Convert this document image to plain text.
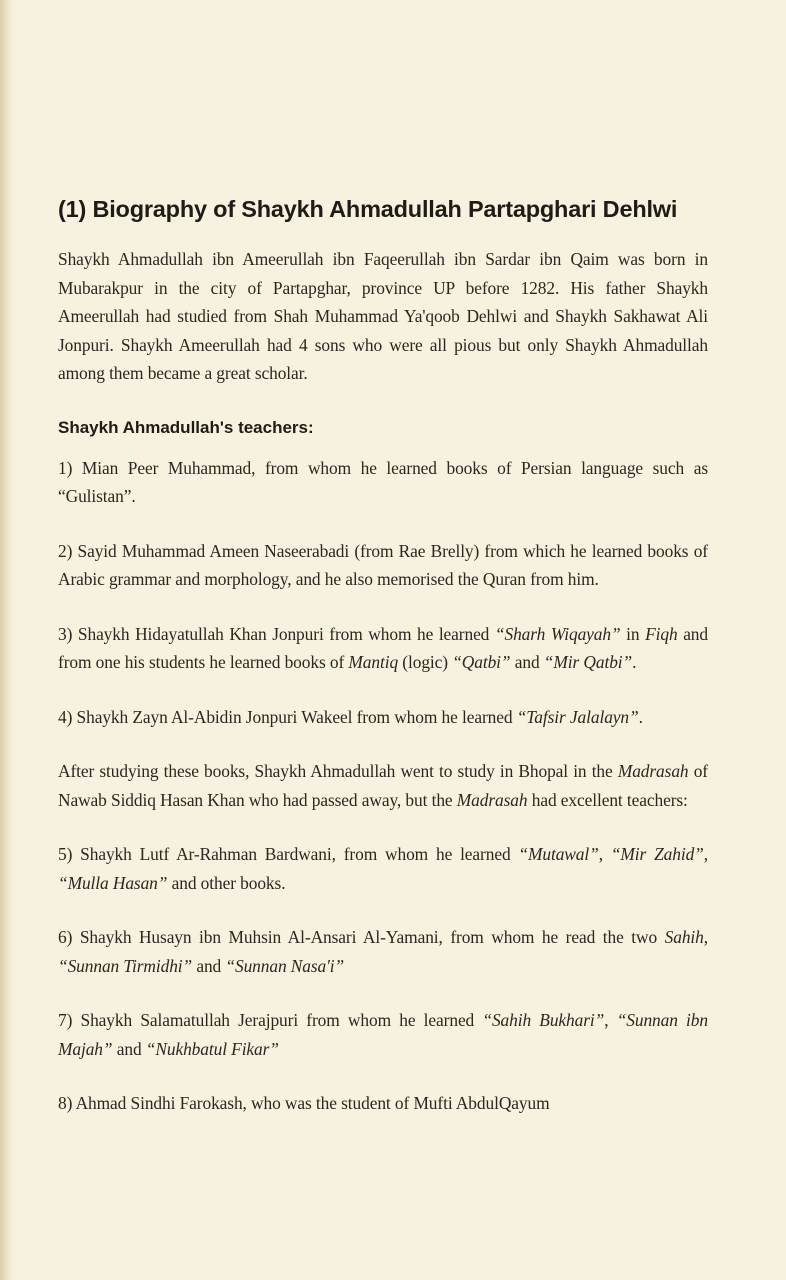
(1) Biography of Shaykh Ahmadullah Partapghari Dehlwi

Shaykh Ahmadullah ibn Ameerullah ibn Faqeerullah ibn Sardar ibn Qaim was born in Mubarakpur in the city of Partapghar, province UP before 1282. His father Shaykh Ameerullah had studied from Shah Muhammad Ya'qoob Dehlwi and Shaykh Sakhawat Ali Jonpuri. Shaykh Ameerullah had 4 sons who were all pious but only Shaykh Ahmadullah among them became a great scholar.

Shaykh Ahmadullah's teachers:

1) Mian Peer Muhammad, from whom he learned books of Persian language such as “Gulistan”.

2) Sayid Muhammad Ameen Naseerabadi (from Rae Brelly) from which he learned books of Arabic grammar and morphology, and he also memorised the Quran from him.

3) Shaykh Hidayatullah Khan Jonpuri from whom he learned “Sharh Wiqayah” in Fiqh and from one his students he learned books of Mantiq (logic) “Qatbi” and “Mir Qatbi”.

4) Shaykh Zayn Al-Abidin Jonpuri Wakeel from whom he learned “Tafsir Jalalayn”.

After studying these books, Shaykh Ahmadullah went to study in Bhopal in the Madrasah of Nawab Siddiq Hasan Khan who had passed away, but the Madrasah had excellent teachers:

5) Shaykh Lutf Ar-Rahman Bardwani, from whom he learned “Mutawal”, “Mir Zahid”, “Mulla Hasan” and other books.

6) Shaykh Husayn ibn Muhsin Al-Ansari Al-Yamani, from whom he read the two Sahih, “Sunnan Tirmidhi” and “Sunnan Nasa'i”

7) Shaykh Salamatullah Jerajpuri from whom he learned “Sahih Bukhari”, “Sunnan ibn Majah” and “Nukhbatul Fikar”

8) Ahmad Sindhi Farokash, who was the student of Mufti AbdulQayum
